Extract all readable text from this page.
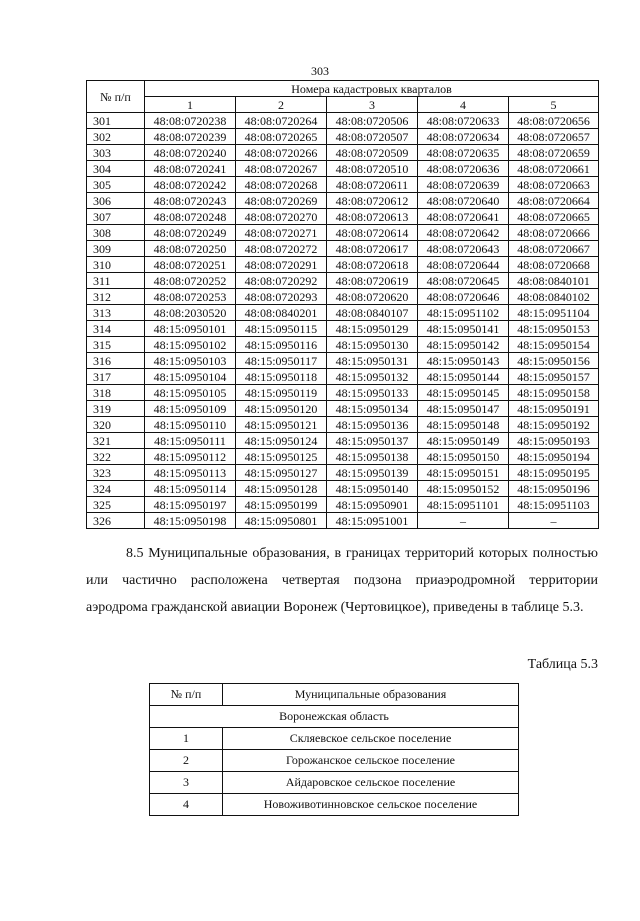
303
№ п/п	Номера кадастровых кварталов				
	1	2	3	4	5
301	48:08:0720238	48:08:0720264	48:08:0720506	48:08:0720633	48:08:0720656
302	48:08:0720239	48:08:0720265	48:08:0720507	48:08:0720634	48:08:0720657
303	48:08:0720240	48:08:0720266	48:08:0720509	48:08:0720635	48:08:0720659
304	48:08:0720241	48:08:0720267	48:08:0720510	48:08:0720636	48:08:0720661
305	48:08:0720242	48:08:0720268	48:08:0720611	48:08:0720639	48:08:0720663
306	48:08:0720243	48:08:0720269	48:08:0720612	48:08:0720640	48:08:0720664
307	48:08:0720248	48:08:0720270	48:08:0720613	48:08:0720641	48:08:0720665
308	48:08:0720249	48:08:0720271	48:08:0720614	48:08:0720642	48:08:0720666
309	48:08:0720250	48:08:0720272	48:08:0720617	48:08:0720643	48:08:0720667
310	48:08:0720251	48:08:0720291	48:08:0720618	48:08:0720644	48:08:0720668
311	48:08:0720252	48:08:0720292	48:08:0720619	48:08:0720645	48:08:0840101
312	48:08:0720253	48:08:0720293	48:08:0720620	48:08:0720646	48:08:0840102
313	48:08:2030520	48:08:0840201	48:08:0840107	48:15:0951102	48:15:0951104
314	48:15:0950101	48:15:0950115	48:15:0950129	48:15:0950141	48:15:0950153
315	48:15:0950102	48:15:0950116	48:15:0950130	48:15:0950142	48:15:0950154
316	48:15:0950103	48:15:0950117	48:15:0950131	48:15:0950143	48:15:0950156
317	48:15:0950104	48:15:0950118	48:15:0950132	48:15:0950144	48:15:0950157
318	48:15:0950105	48:15:0950119	48:15:0950133	48:15:0950145	48:15:0950158
319	48:15:0950109	48:15:0950120	48:15:0950134	48:15:0950147	48:15:0950191
320	48:15:0950110	48:15:0950121	48:15:0950136	48:15:0950148	48:15:0950192
321	48:15:0950111	48:15:0950124	48:15:0950137	48:15:0950149	48:15:0950193
322	48:15:0950112	48:15:0950125	48:15:0950138	48:15:0950150	48:15:0950194
323	48:15:0950113	48:15:0950127	48:15:0950139	48:15:0950151	48:15:0950195
324	48:15:0950114	48:15:0950128	48:15:0950140	48:15:0950152	48:15:0950196
325	48:15:0950197	48:15:0950199	48:15:0950901	48:15:0951101	48:15:0951103
326	48:15:0950198	48:15:0950801	48:15:0951001	–	–

8.5 Муниципальные образования, в границах территорий которых полностью или частично расположена четвертая подзона приаэродромной территории аэродрома гражданской авиации Воронеж (Чертовицкое), приведены в таблице 5.3.

Таблица 5.3
№ п/п	Муниципальные образования
Воронежская область	
1	Скляевское сельское поселение
2	Горожанское сельское поселение
3	Айдаровское сельское поселение
4	Новоживотинновское сельское поселение
